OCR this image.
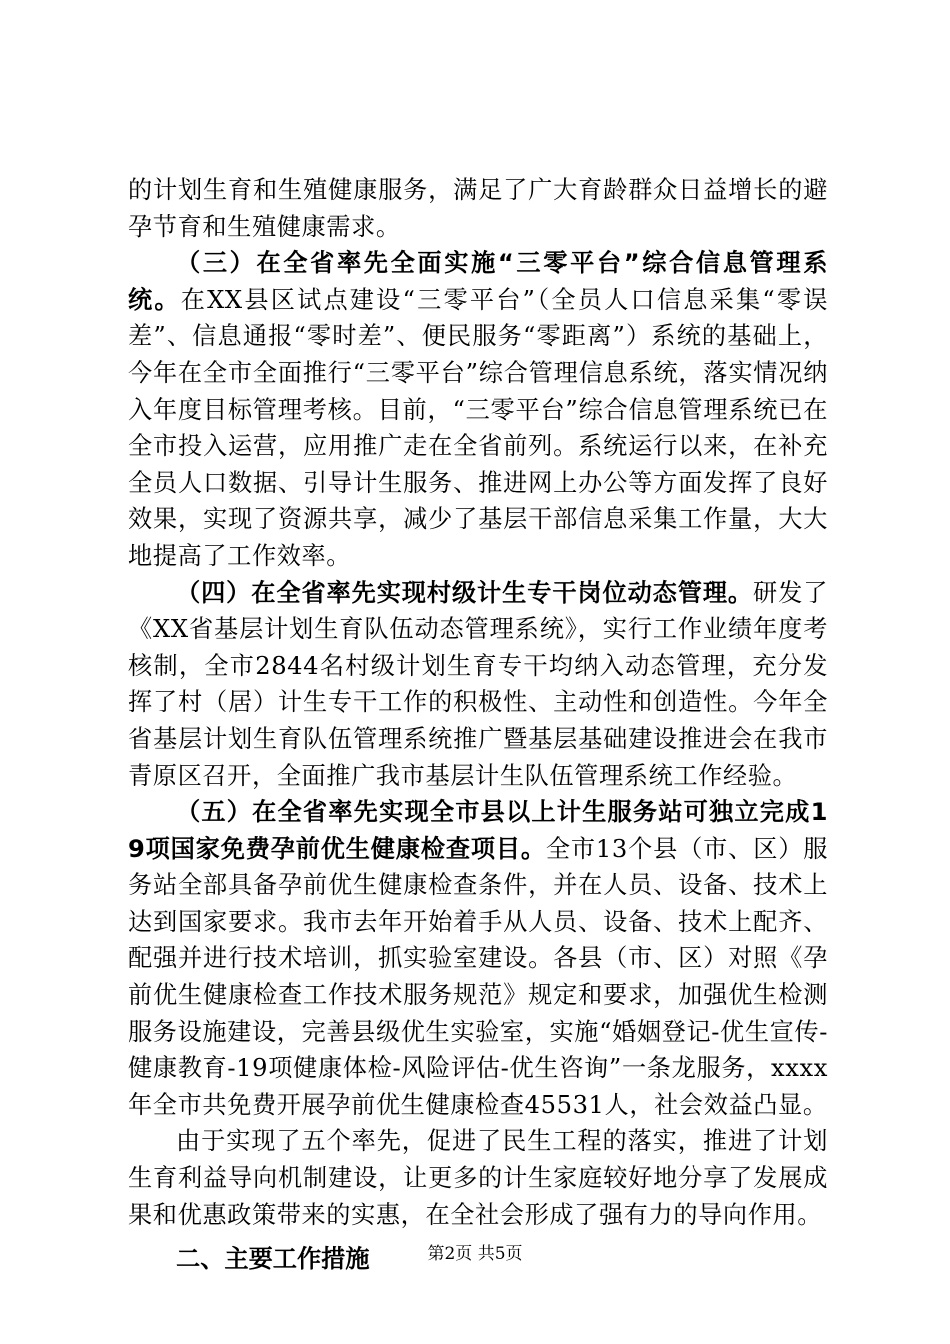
的计划生育和生殖健康服务，满足了广大育龄群众日益增长的避孕节育和生殖健康需求。

（三）在全省率先全面实施“三零平台”综合信息管理系统。在XX县区试点建设“三零平台”（全员人口信息采集“零误差”、信息通报“零时差”、便民服务“零距离”）系统的基础上，今年在全市全面推行“三零平台”综合管理信息系统，落实情况纳入年度目标管理考核。目前，“三零平台”综合信息管理系统已在全市投入运营，应用推广走在全省前列。系统运行以来，在补充全员人口数据、引导计生服务、推进网上办公等方面发挥了良好效果，实现了资源共享，减少了基层干部信息采集工作量，大大地提高了工作效率。

（四）在全省率先实现村级计生专干岗位动态管理。研发了《XX省基层计划生育队伍动态管理系统》，实行工作业绩年度考核制，全市2844名村级计划生育专干均纳入动态管理，充分发挥了村（居）计生专干工作的积极性、主动性和创造性。今年全省基层计划生育队伍管理系统推广暨基层基础建设推进会在我市青原区召开，全面推广我市基层计生队伍管理系统工作经验。

（五）在全省率先实现全市县以上计生服务站可独立完成19项国家免费孕前优生健康检查项目。全市13个县（市、区）服务站全部具备孕前优生健康检查条件，并在人员、设备、技术上达到国家要求。我市去年开始着手从人员、设备、技术上配齐、配强并进行技术培训，抓实验室建设。各县（市、区）对照《孕前优生健康检查工作技术服务规范》规定和要求，加强优生检测服务设施建设，完善县级优生实验室，实施“婚姻登记-优生宣传-健康教育-19项健康体检-风险评估-优生咨询”一条龙服务，xxxx年全市共免费开展孕前优生健康检查45531人，社会效益凸显。

由于实现了五个率先，促进了民生工程的落实，推进了计划生育利益导向机制建设，让更多的计生家庭较好地分享了发展成果和优惠政策带来的实惠，在全社会形成了强有力的导向作用。

二、主要工作措施	第2页 共5页
